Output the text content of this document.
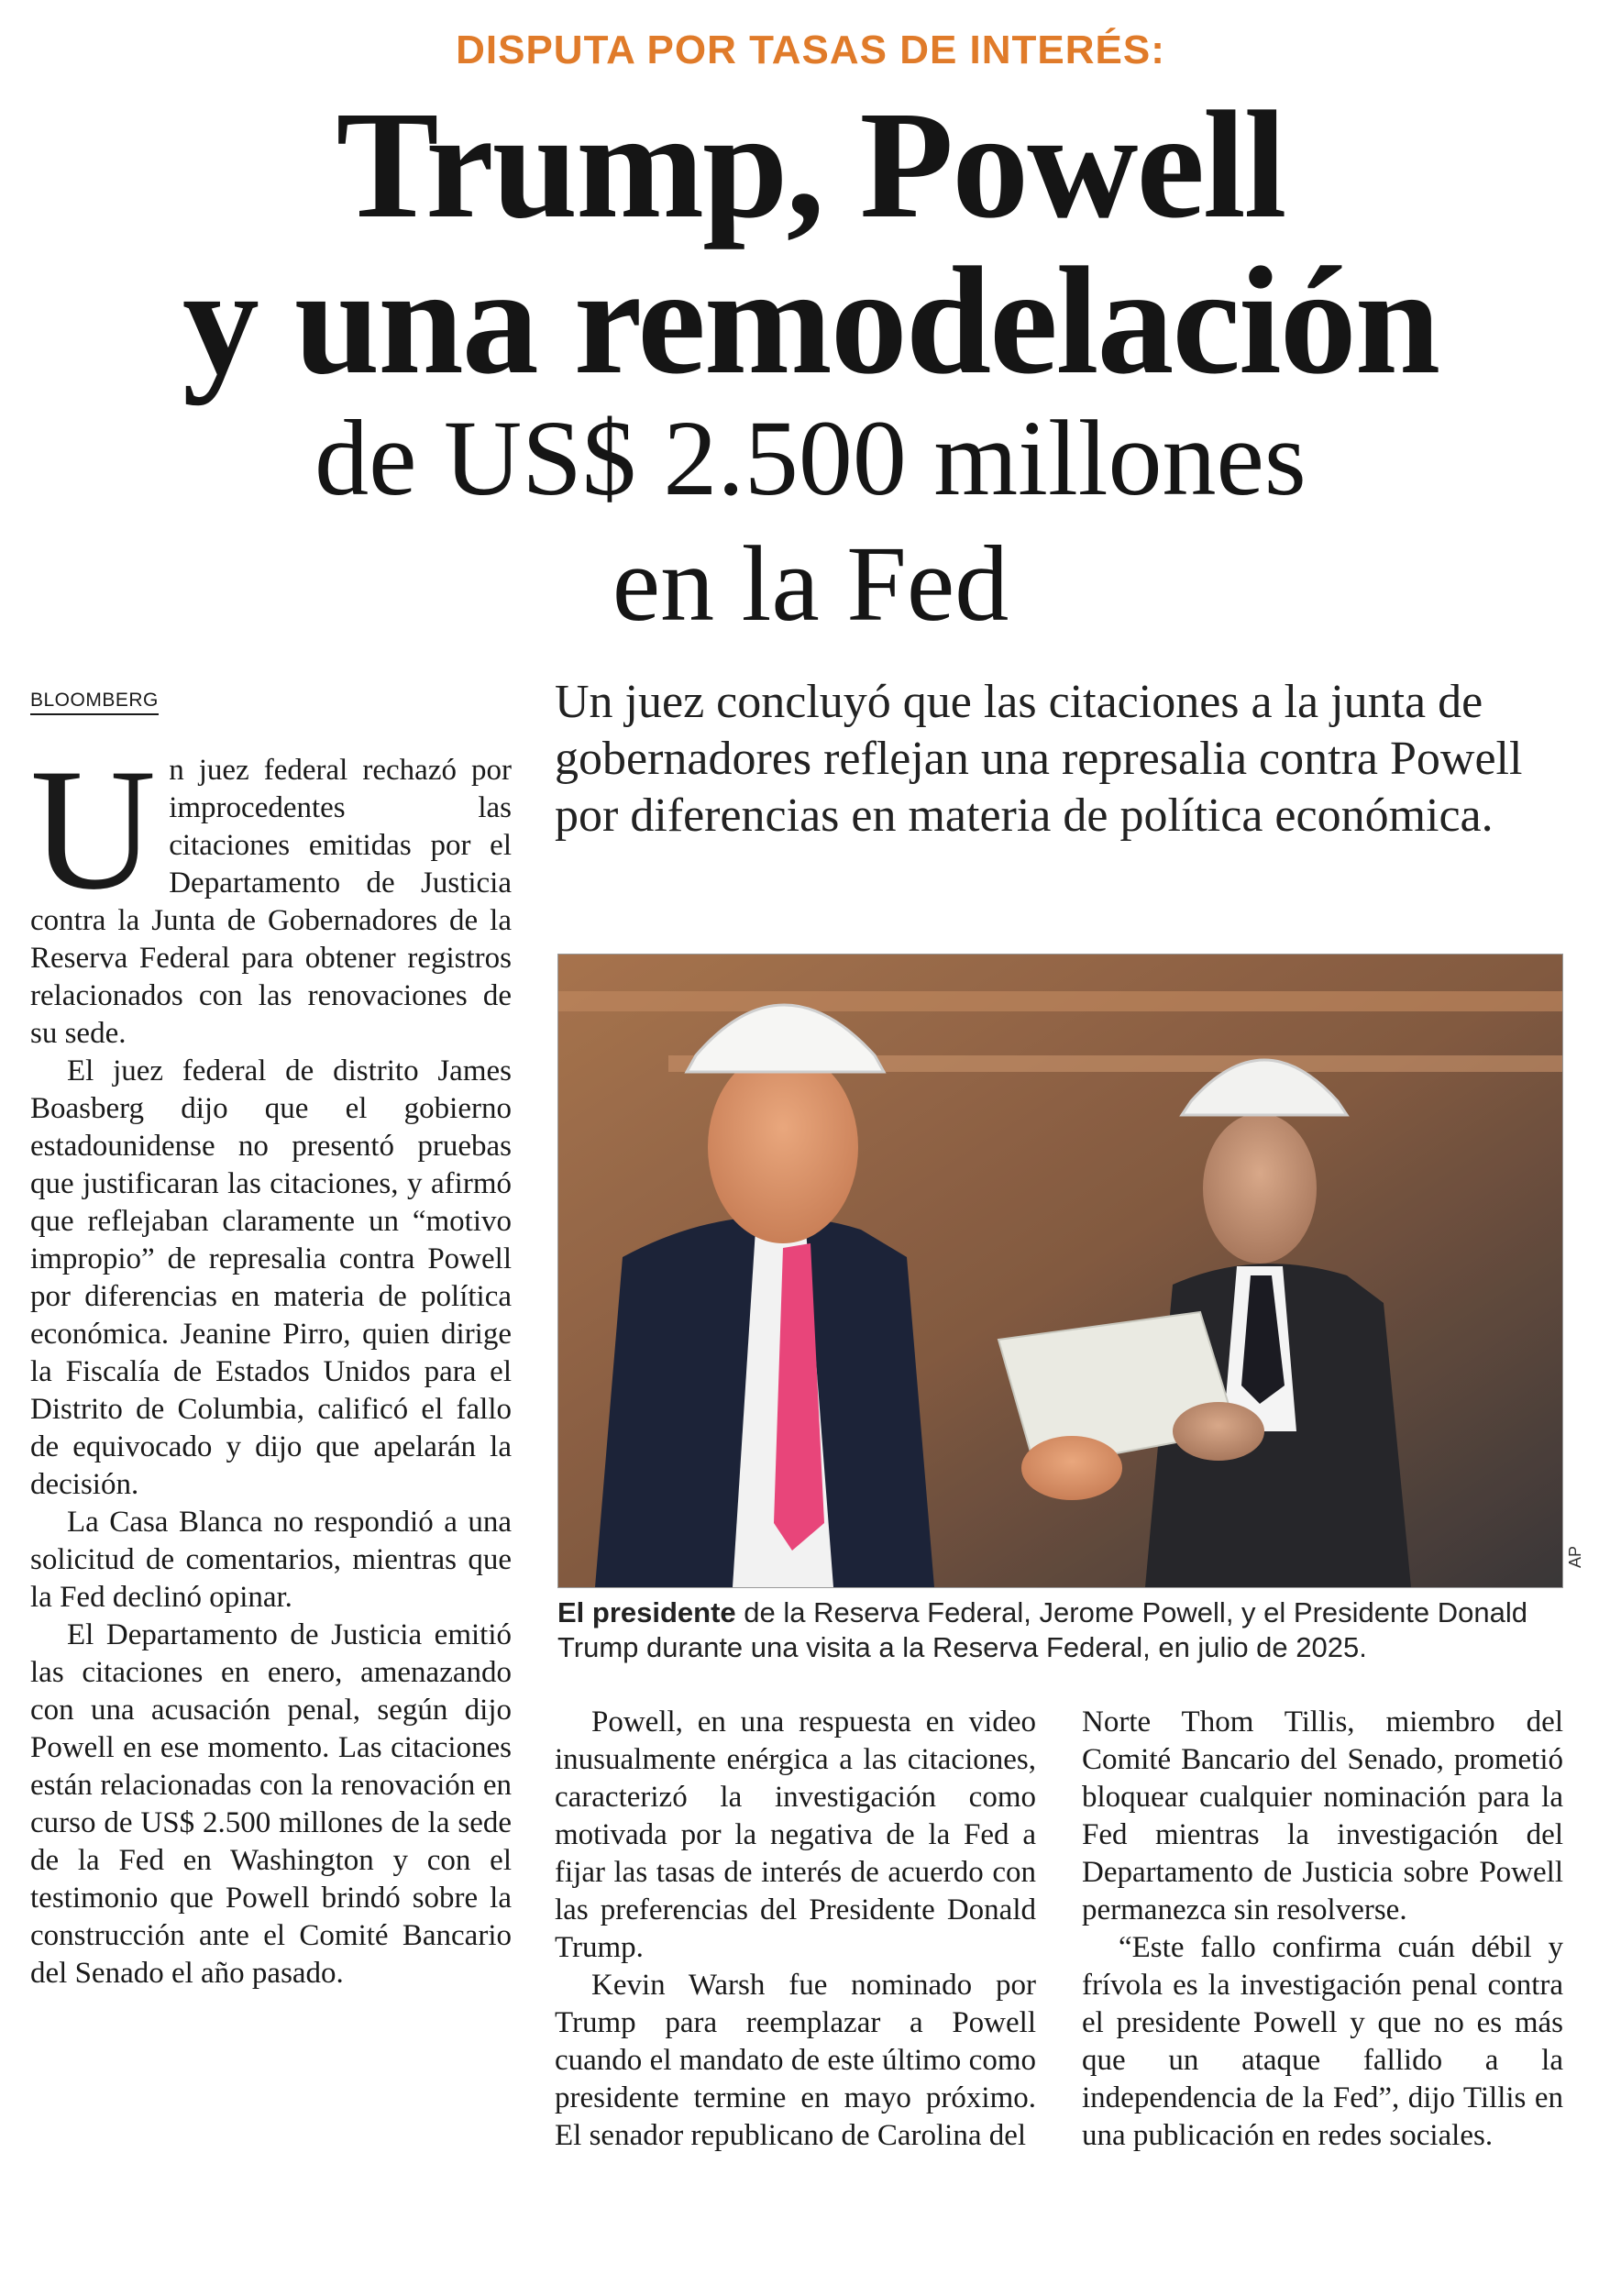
DISPUTA POR TASAS DE INTERÉS:
Trump, Powell
y una remodelación
de US$ 2.500 millones
en la Fed
BLOOMBERG	Un juez concluyó que las citaciones a la junta de gobernadores reflejan una represalia contra Powell por diferencias en materia de política económica.

Un juez federal rechazó por improcedentes las citaciones emitidas por el Departamento de Justicia contra la Junta de Gobernadores de la Reserva Federal para obtener registros relacionados con las renovaciones de su sede.

El juez federal de distrito James Boasberg dijo que el gobierno estadounidense no presentó pruebas que justificaran las citaciones, y afirmó que reflejaban claramente un “motivo impropio” de represalia contra Powell por diferencias en materia de política económica. Jeanine Pirro, quien dirige la Fiscalía de Estados Unidos para el Distrito de Columbia, calificó el fallo de equivocado y dijo que apelarán la decisión.

La Casa Blanca no respondió a una solicitud de comentarios, mientras que la Fed declinó opinar.

El Departamento de Justicia emitió las citaciones en enero, amenazando con una acusación penal, según dijo Powell en ese momento. Las citaciones están relacionadas con la renovación en curso de US$ 2.500 millones de la sede de la Fed en Washington y con el testimonio que Powell brindó sobre la construcción ante el Comité Bancario del Senado el año pasado.

AP
El presidente de la Reserva Federal, Jerome Powell, y el Presidente Donald Trump durante una visita a la Reserva Federal, en julio de 2025.

Powell, en una respuesta en video inusualmente enérgica a las citaciones, caracterizó la investigación como motivada por la negativa de la Fed a fijar las tasas de interés de acuerdo con las preferencias del Presidente Donald Trump.

Kevin Warsh fue nominado por Trump para reemplazar a Powell cuando el mandato de este último como presidente termine en mayo próximo. El senador republicano de Carolina del

Norte Thom Tillis, miembro del Comité Bancario del Senado, prometió bloquear cualquier nominación para la Fed mientras la investigación del Departamento de Justicia sobre Powell permanezca sin resolverse.

“Este fallo confirma cuán débil y frívola es la investigación penal contra el presidente Powell y que no es más que un ataque fallido a la independencia de la Fed”, dijo Tillis en una publicación en redes sociales.
